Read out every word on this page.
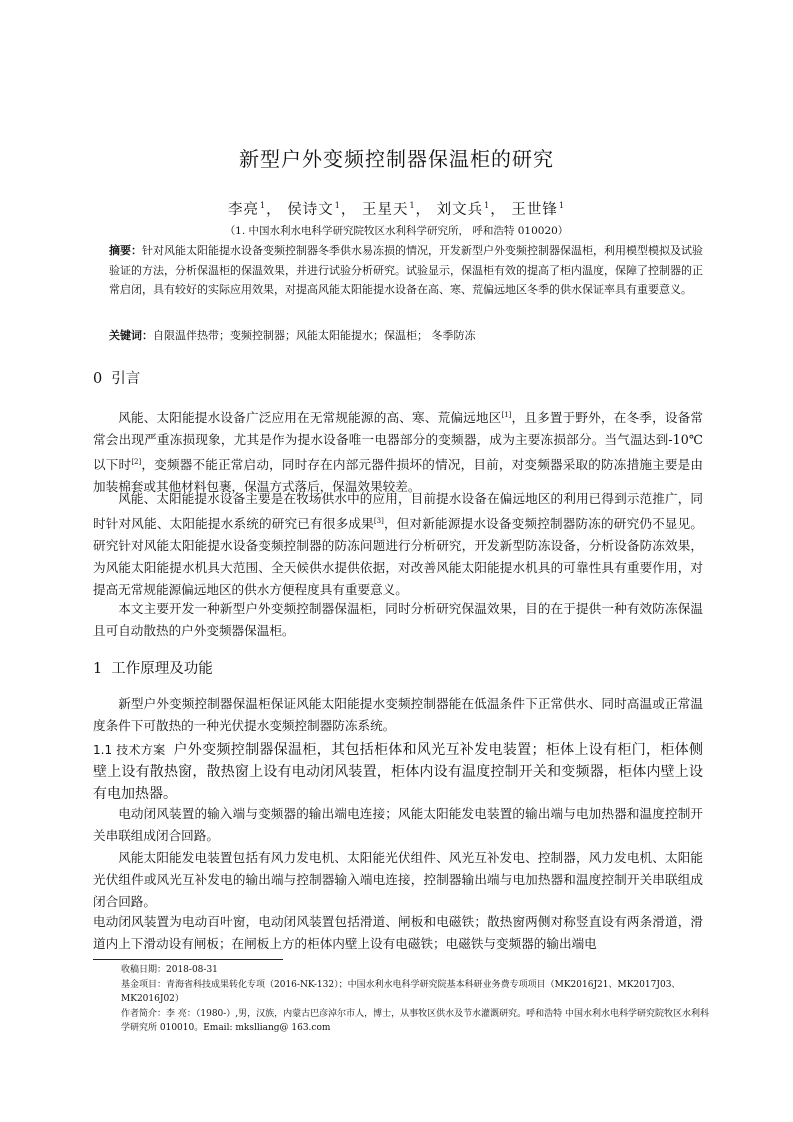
新型户外变频控制器保温柜的研究
李亮$^1$， 侯诗文$^1$， 王星天$^1$， 刘文兵$^1$， 王世锋$^1$
（1. 中国水利水电科学研究院牧区水利科学研究所， 呼和浩特 010020）
摘要：针对风能太阳能提水设备变频控制器冬季供水易冻损的情况，开发新型户外变频控制器保温柜，利用模型模拟及试验验证的方法，分析保温柜的保温效果，并进行试验分析研究。试验显示，保温柜有效的提高了柜内温度，保障了控制器的正常启闭，具有较好的实际应用效果，对提高风能太阳能提水设备在高、寒、荒偏远地区冬季的供水保证率具有重要意义。
关键词：自限温伴热带；变频控制器；风能太阳能提水；保温柜； 冬季防冻
0 引言

风能、太阳能提水设备广泛应用在无常规能源的高、寒、荒偏远地区[1]，且多置于野外，在冬季，设备常常会出现严重冻损现象，尤其是作为提水设备唯一电器部分的变频器，成为主要冻损部分。当气温达到-10℃以下时[2]，变频器不能正常启动，同时存在内部元器件损坏的情况，目前，对变频器采取的防冻措施主要是由加装棉套或其他材料包裹，保温方式落后，保温效果较差。

风能、太阳能提水设备主要是在牧场供水中的应用，目前提水设备在偏远地区的利用已得到示范推广，同时针对风能、太阳能提水系统的研究已有很多成果[3]，但对新能源提水设备变频控制器防冻的研究仍不显见。研究针对风能太阳能提水设备变频控制器的防冻问题进行分析研究，开发新型防冻设备，分析设备防冻效果，为风能太阳能提水机具大范围、全天候供水提供依据，对改善风能太阳能提水机具的可靠性具有重要作用，对提高无常规能源偏远地区的供水方便程度具有重要意义。

本文主要开发一种新型户外变频控制器保温柜，同时分析研究保温效果，目的在于提供一种有效防冻保温且可自动散热的户外变频器保温柜。

1 工作原理及功能

新型户外变频控制器保温柜保证风能太阳能提水变频控制器能在低温条件下正常供水、同时高温或正常温度条件下可散热的一种光伏提水变频控制器防冻系统。

1.1 技术方案 户外变频控制器保温柜，其包括柜体和风光互补发电装置；柜体上设有柜门，柜体侧壁上设有散热窗，散热窗上设有电动闭风装置，柜体内设有温度控制开关和变频器，柜体内壁上设有电加热器。

电动闭风装置的输入端与变频器的输出端电连接；风能太阳能发电装置的输出端与电加热器和温度控制开关串联组成闭合回路。

风能太阳能发电装置包括有风力发电机、太阳能光伏组件、风光互补发电、控制器，风力发电机、太阳能光伏组件或风光互补发电的输出端与控制器输入端电连接，控制器输出端与电加热器和温度控制开关串联组成闭合回路。

电动闭风装置为电动百叶窗，电动闭风装置包括滑道、闸板和电磁铁；散热窗两侧对称竖直设有两条滑道，滑道内上下滑动设有闸板；在闸板上方的柜体内壁上设有电磁铁；电磁铁与变频器的输出端电

收稿日期：2018-08-31
基金项目：青海省科技成果转化专项（2016-NK-132）；中国水利水电科学研究院基本科研业务费专项项目（MK2016J21、MK2017J03、MK2016J02）
作者简介：李 亮：（1980-）,男，汉族，内蒙古巴彦淖尔市人，博士，从事牧区供水及节水灌溉研究。呼和浩特 中国水利水电科学研究院牧区水利科学研究所 010010。Email: mkslliang@ 163.com
